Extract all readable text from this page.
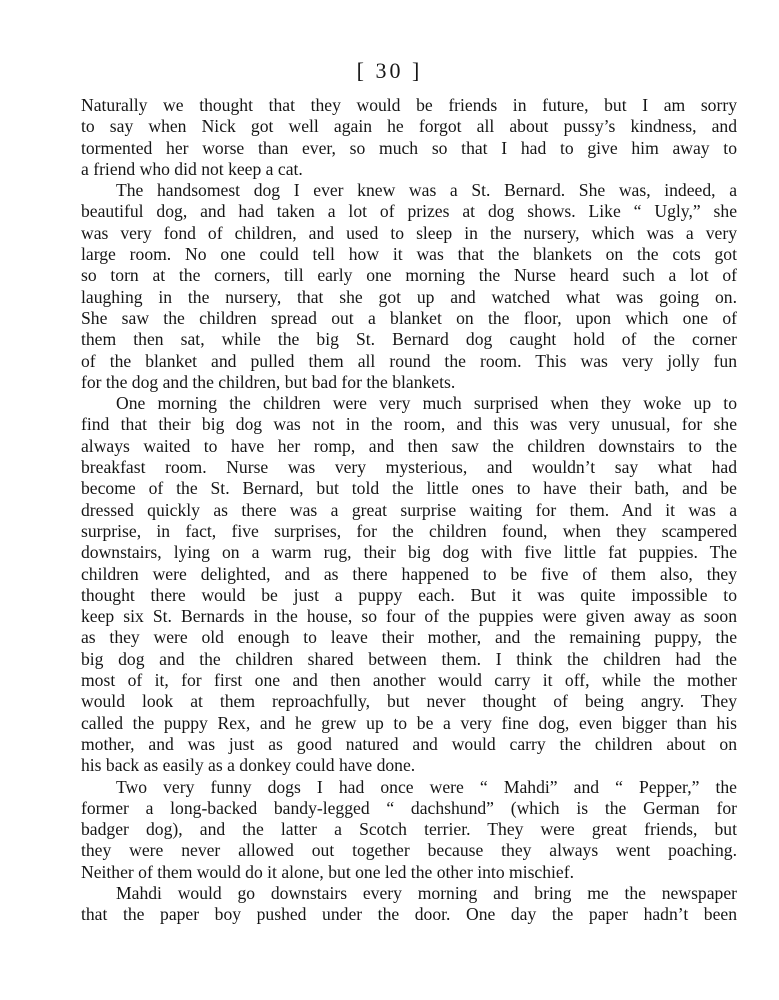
[ 30 ]
Naturally we thought that they would be friends in future, but I am sorry
to say when Nick got well again he forgot all about pussy’s kindness, and
tormented her worse than ever, so much so that I had to give him away to
a friend who did not keep a cat.
The handsomest dog I ever knew was a St. Bernard. She was, indeed, a
beautiful dog, and had taken a lot of prizes at dog shows. Like “ Ugly,” she
was very fond of children, and used to sleep in the nursery, which was a very
large room. No one could tell how it was that the blankets on the cots got
so torn at the corners, till early one morning the Nurse heard such a lot of
laughing in the nursery, that she got up and watched what was going on.
She saw the children spread out a blanket on the floor, upon which one of
them then sat, while the big St. Bernard dog caught hold of the corner
of the blanket and pulled them all round the room. This was very jolly fun
for the dog and the children, but bad for the blankets.
One morning the children were very much surprised when they woke up to
find that their big dog was not in the room, and this was very unusual, for she
always waited to have her romp, and then saw the children downstairs to the
breakfast room. Nurse was very mysterious, and wouldn’t say what had
become of the St. Bernard, but told the little ones to have their bath, and be
dressed quickly as there was a great surprise waiting for them. And it was a
surprise, in fact, five surprises, for the children found, when they scampered
downstairs, lying on a warm rug, their big dog with five little fat puppies. The
children were delighted, and as there happened to be five of them also, they
thought there would be just a puppy each. But it was quite impossible to
keep six St. Bernards in the house, so four of the puppies were given away as soon
as they were old enough to leave their mother, and the remaining puppy, the
big dog and the children shared between them. I think the children had the
most of it, for first one and then another would carry it off, while the mother
would look at them reproachfully, but never thought of being angry. They
called the puppy Rex, and he grew up to be a very fine dog, even bigger than his
mother, and was just as good natured and would carry the children about on
his back as easily as a donkey could have done.
Two very funny dogs I had once were “ Mahdi” and “ Pepper,” the
former a long-backed bandy-legged “ dachshund” (which is the German for
badger dog), and the latter a Scotch terrier. They were great friends, but
they were never allowed out together because they always went poaching.
Neither of them would do it alone, but one led the other into mischief.
Mahdi would go downstairs every morning and bring me the newspaper
that the paper boy pushed under the door. One day the paper hadn’t been
